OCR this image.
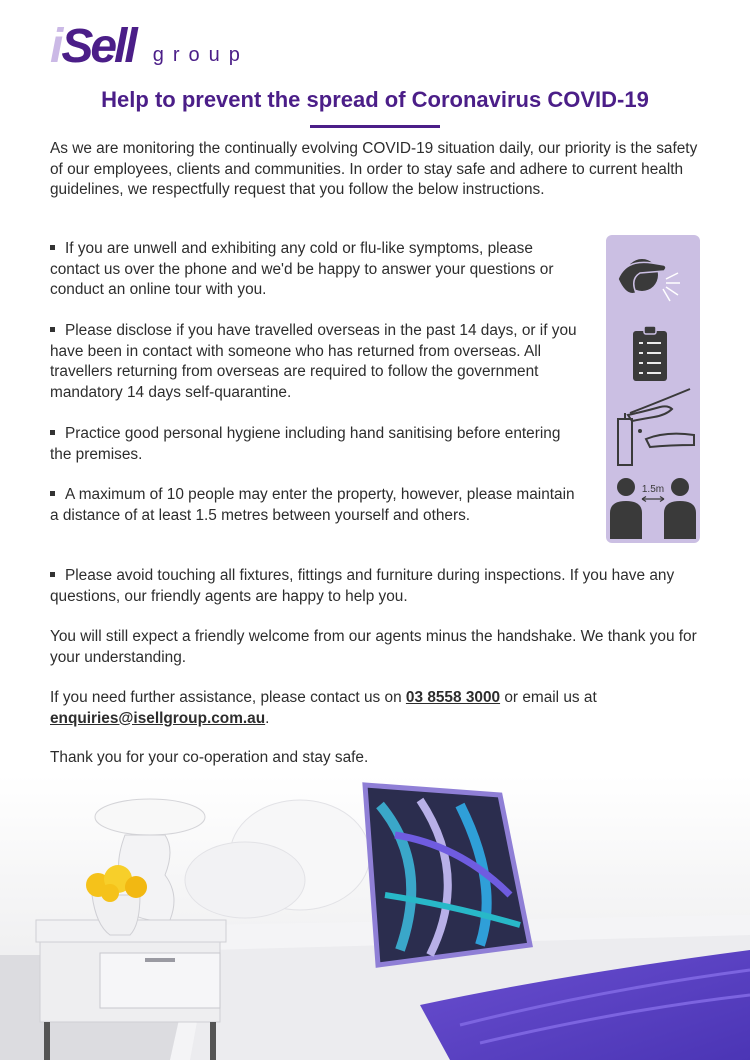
i Sell group
Help to prevent the spread of Coronavirus COVID-19

As we are monitoring the continually evolving COVID-19 situation daily, our priority is the safety of our employees, clients and communities. In order to stay safe and adhere to current health guidelines, we respectfully request that you follow the below instructions.

If you are unwell and exhibiting any cold or flu-like symptoms, please contact us over the phone and we'd be happy to answer your questions or conduct an online tour with you.

Please disclose if you have travelled overseas in the past 14 days, or if you have been in contact with someone who has returned from overseas. All travellers returning from overseas are required to follow the government mandatory 14 days self-quarantine.

Practice good personal hygiene including hand sanitising before entering the premises.

A maximum of 10 people may enter the property, however, please maintain a distance of at least 1.5 metres between yourself and others.

Please avoid touching all fixtures, fittings and furniture during inspections. If you have any questions, our friendly agents are happy to help you.

You will still expect a friendly welcome from our agents minus the handshake. We thank you for your understanding.

If you need further assistance, please contact us on 03 8558 3000 or email us at
enquiries@isellgroup.com.au.

Thank you for your co-operation and stay safe.

1.5m
